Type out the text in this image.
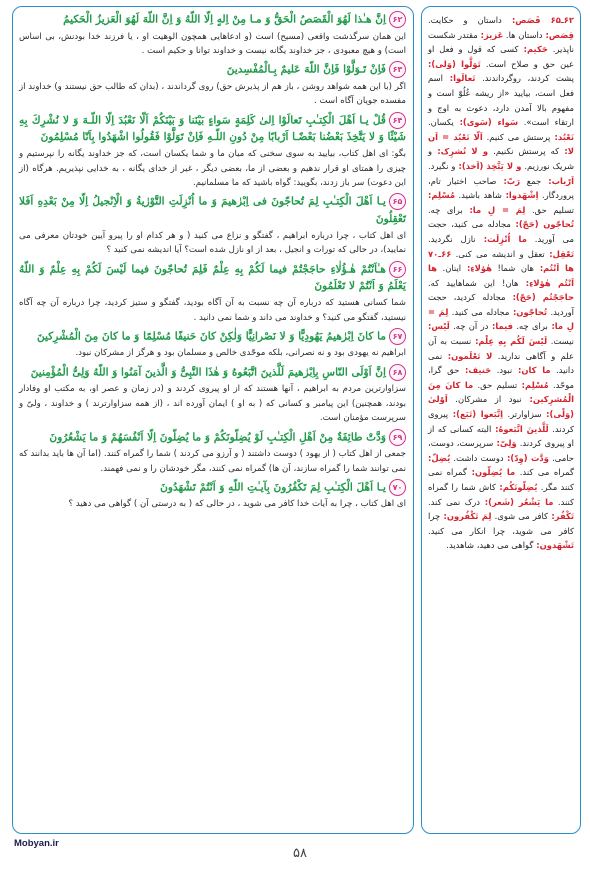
۶۲اِنَّ هـٰذا لَهُوَ الْقَصَصُ الْحَقُّ وَ مـا مِنْ اِلهٍ اِلّا اللّهُ وَ اِنَّ اللّهَ لَهُوَ الْعَزیزُ الْحَكیمُ

این همان سرگذشت واقعی (مسیح) است (و ادعاهایی همچون الوهیت او ، یا فرزند خدا بودنش، بی اساس است) و هیچ معبودی ، جز خداوند یگانه نیست و خداوند توانا و حکیم است .

۶۳فَاِنْ تَـوَلَّوْا فَاِنَّ اللّهَ عَلیمٌ بِـالْمُفْسِدینَ

اگر (با این همه شواهد روشن ، باز هم از پذیرش حق) روی گرداندند ، (بدان که طالب حق نیستند و) خداوند از مفسده جویان آگاه است .

۶۴قُلْ یـا اَهْلَ الْكِتـٰبِ تَعالَوْا اِلىٰ كَلِمَةٍ سَواءٍ بَیْنَنا وَ بَیْنَكُمْ اَلّا نَعْبُدَ اِلّا اللّـهَ وَ لا نُشْرِكَ بِهِ شَیْئًا وَ لا یَتَّخِذَ بَعْضُنا بَعْضًـا اَرْبابًا مِنْ دُونِ اللّـهِ فَاِنْ تَوَلَّوْا فَقُولُوا اشْهَدُوا بِاَنّا مُسْلِمُونَ

بگو: ای اهل کتاب، بیایید به سوی سخنی که میان ما و شما یکسان است، که جز خداوند یگانه را نپرستیم و چیزی را همتای او قرار ندهیم و بعضی از ما، بعضی دیگر ، غیر از خدای یگانه ، به خدایی نپذیریم. هرگاه (از این دعوت) سر باز زدند، بگویید: گواه باشید که ما مسلمانیم.

۶۵یـا اَهْلَ الْكِتـٰبِ لِمَ تُحاجّونَ فى اِبْرٰهیمَ وَ ما اُنْزِلَتِ التَّوْرٰیةُ وَ الْاِنْجیلُ اِلّا مِنْ بَعْدِهِ اَفَلا تَعْقِلُونَ

ای اهل کتاب ، چرا درباره ابراهیم ، گفتگو و نزاع می کنید ( و هر کدام او را پیرو آیین خودتان معرفی می نمایید)، در حالی که تورات و انجیل ، بعد از او نازل شده است؟ آیا اندیشه نمی کنید ؟

۶۶هـٰاَنْتُمْ هٰـؤُلٰاءِ حاجَجْتُمْ فیما لَكُمْ بِهِ عِلْمٌ فَلِمَ تُحاجّونَ فیما لَیْسَ لَكُمْ بِهِ عِلْمٌ وَ اللّهُ یَعْلَمُ وَ اَنْتُمْ لا تَعْلَمُونَ

شما کسانی هستید که درباره آن چه نسبت به آن آگاه بودید، گفتگو و ستیز کردید، چرا درباره آن چه آگاه نیستید، گفتگو می کنید؟ و خداوند می داند و شما نمی دانید .

۶۷ما كانَ اِبْرٰهیمُ یَهُودِیًّا وَ لا نَصْرانِیًّا وَلٰكِنْ كانَ حَنیفًا مُسْلِمًا وَ ما كانَ مِنَ الْمُشْرِكینَ

ابراهیم نه یهودی بود و نه نصرانی، بلکه موحّدی خالص و مسلمان بود و هرگز از مشرکان نبود.

۶۸اِنَّ اَوْلَى النّاسِ بِاِبْرٰهیمَ لَلَّذینَ اتَّبَعُوهُ وَ هٰذَا النَّبِیُّ وَ الَّذینَ آمَنُوا وَ اللّهُ وَلِیُّ الْمُؤْمِنینَ

سزاوارترین مردم به ابراهیم ، آنها هستند که از او پیروی کردند و (در زمان و عصر او، به مکتب او وفادار بودند، همچنین) این پیامبر و کسانی که ( به او ) ایمان آورده اند ، (از همه سزاوارترند ) و خداوند ، ولیّ و سرپرست مؤمنان است.

۶۹وَدَّتْ طائِفَةٌ مِنْ اَهْلِ الْكِتـٰبِ لَوْ یُضِلّونَكُمْ وَ ما یُضِلّونَ اِلّا اَنْفُسَهُمْ وَ ما یَشْعُرُونَ

جمعی از اهل کتاب ( از یهود ) دوست داشتند ( و آرزو می کردند ) شما را گمراه کنند. (اما آن ها باید بدانند که نمی توانند شما را گمراه سازند، آن ها) گمراه نمی کنند، مگر خودشان را و نمی فهمند.

۷۰یـا اَهْلَ الْكِتـٰبِ لِمَ تَكْفُرُونَ بِآیـٰتِ اللّهِ وَ اَنْتُمْ تَشْهَدُونَ

ای اهل کتاب ، چرا به آیات خدا کافر می شوید ، در حالی که ( به درستی آن ) گواهی می دهید ؟

۶۲ـ۶۵ قَصَص: داستان و حکایت. قِصَص: داستان ها. عَزیز: مقتدر شکست ناپذیر. حَکیم: کسی که قول و فعل او عین حق و صلاح است. تَوَلَّوا (وَلی): پشت کردند، روگرداندند. تَعالَوا: اسم فعل است، بیایید «از ریشه عُلُوّ است و مفهوم بالا آمدن دارد، دعوت به اوج و ارتقاء است». سَواء (سَوی): یکسان. نَعْبُد: پرستش می کنیم. اَلّا نَعْبُد = اَن لا: که پرستش نکنیم. و لا نُشرِک: و شریک نورزیم. و لا یَتَّخِذ (اَخذ): و نگیرد. اَرْباب: جمع رَبّ: صاحب اختیار تام، پروردگار. اِشْهَدوا: شاهد باشید. مُسْلِم: تسلیم حق. لِمَ = لِ ما: برای چه. تُحاجّون (حَجّ): مجادله می کنید، حجت می آورید. ما اُنْزِلَت: نازل نگردید. تَعْقِل: تعقل و اندیشه می کنی. ۶۶ـ۷۰ ها اَنْتُم: هان شما! هٰؤلاءِ: اینان. ها اَنْتُم هٰؤلاءِ: هان! این شماهایید که. حاجَجْتُم (حَجّ): مجادله کردید، حجت آوردید. تُحاجّون: مجادله می کنید. لِمَ = لِ ما: برای چه. فیما: در آن چه. لَیْس: نیست. لَیْسَ لَکُم بِهِ عِلْم: نسبت به آن علم و آگاهی ندارید. لا تَعْلَمون: نمی دانید. ما کان: نبود. حَنیف: حق گرا، موحّد. مُسْلِم: تسلیم حق. ما کانَ مِنَ الْمُشرِکین: نبود از مشرکان. اَوْلیٰ (وَلْی): سزاوارتر. اِتَّبَعوا (تَبَع): پیروی کردند. لَلَّذینَ اتَّبَعوهُ: البته کسانی که از او پیروی کردند. وَلِیّ: سرپرست، دوست، حامی. وَدَّت (وِدّ): دوست داشت. یُضِلّ: گمراه می کند. ما یُضِلّون: گمراه نمی کنند مگر. یُضِلّونَکُم: کاش شما را گمراه کنند. ما یَشْعُر (شَعر): درک نمی کند. تَکْفُر: کافر می شوی. لِمَ تَکْفُرون: چرا کافر می شوید، چرا انکار می کنید. تَشْهَدون: گواهی می دهید، شاهدید.

Mobyan.ir
۵۸
